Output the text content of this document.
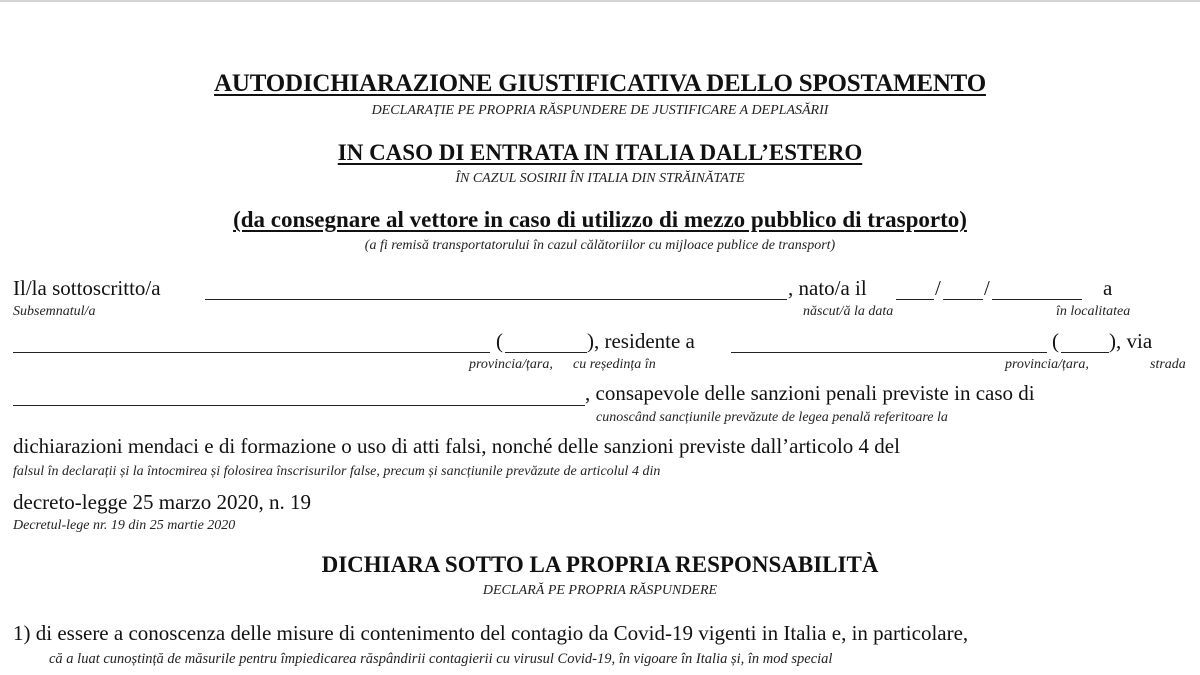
AUTODICHIARAZIONE GIUSTIFICATIVA DELLO SPOSTAMENTO
DECLARAȚIE PE PROPRIA RĂSPUNDERE DE JUSTIFICARE A DEPLASĂRII
IN CASO DI ENTRATA IN ITALIA DALL’ESTERO
ÎN CAZUL SOSIRII ÎN ITALIA DIN STRĂINĂTATE
(da consegnare al vettore in caso di utilizzo di mezzo pubblico di trasporto)
(a fi remisă transportatorului în cazul călătoriilor cu mijloace publice de transport)
Il/la sottoscritto/a	, nato/a il	/ /	a
Subsemnatul/a	născut/ă la data	în localitatea
(	), residente a	( ), via
provincia/țara, cu reședința în	provincia/țara,	strada
, consapevole delle sanzioni penali previste in caso di
cunoscând sancțiunile prevăzute de legea penală referitoare la
dichiarazioni mendaci e di formazione o uso di atti falsi, nonché delle sanzioni previste dall’articolo 4 del
falsul în declarații și la întocmirea și folosirea înscrisurilor false, precum și sancțiunile prevăzute de articolul 4 din
decreto-legge 25 marzo 2020, n. 19
Decretul-lege nr. 19 din 25 martie 2020
DICHIARA SOTTO LA PROPRIA RESPONSABILITÀ
DECLARĂ PE PROPRIA RĂSPUNDERE
1) di essere a conoscenza delle misure di contenimento del contagio da Covid-19 vigenti in Italia e, in particolare,
că a luat cunoștință de măsurile pentru împiedicarea răspândirii contagierii cu virusul Covid-19, în vigoare în Italia și, în mod special
